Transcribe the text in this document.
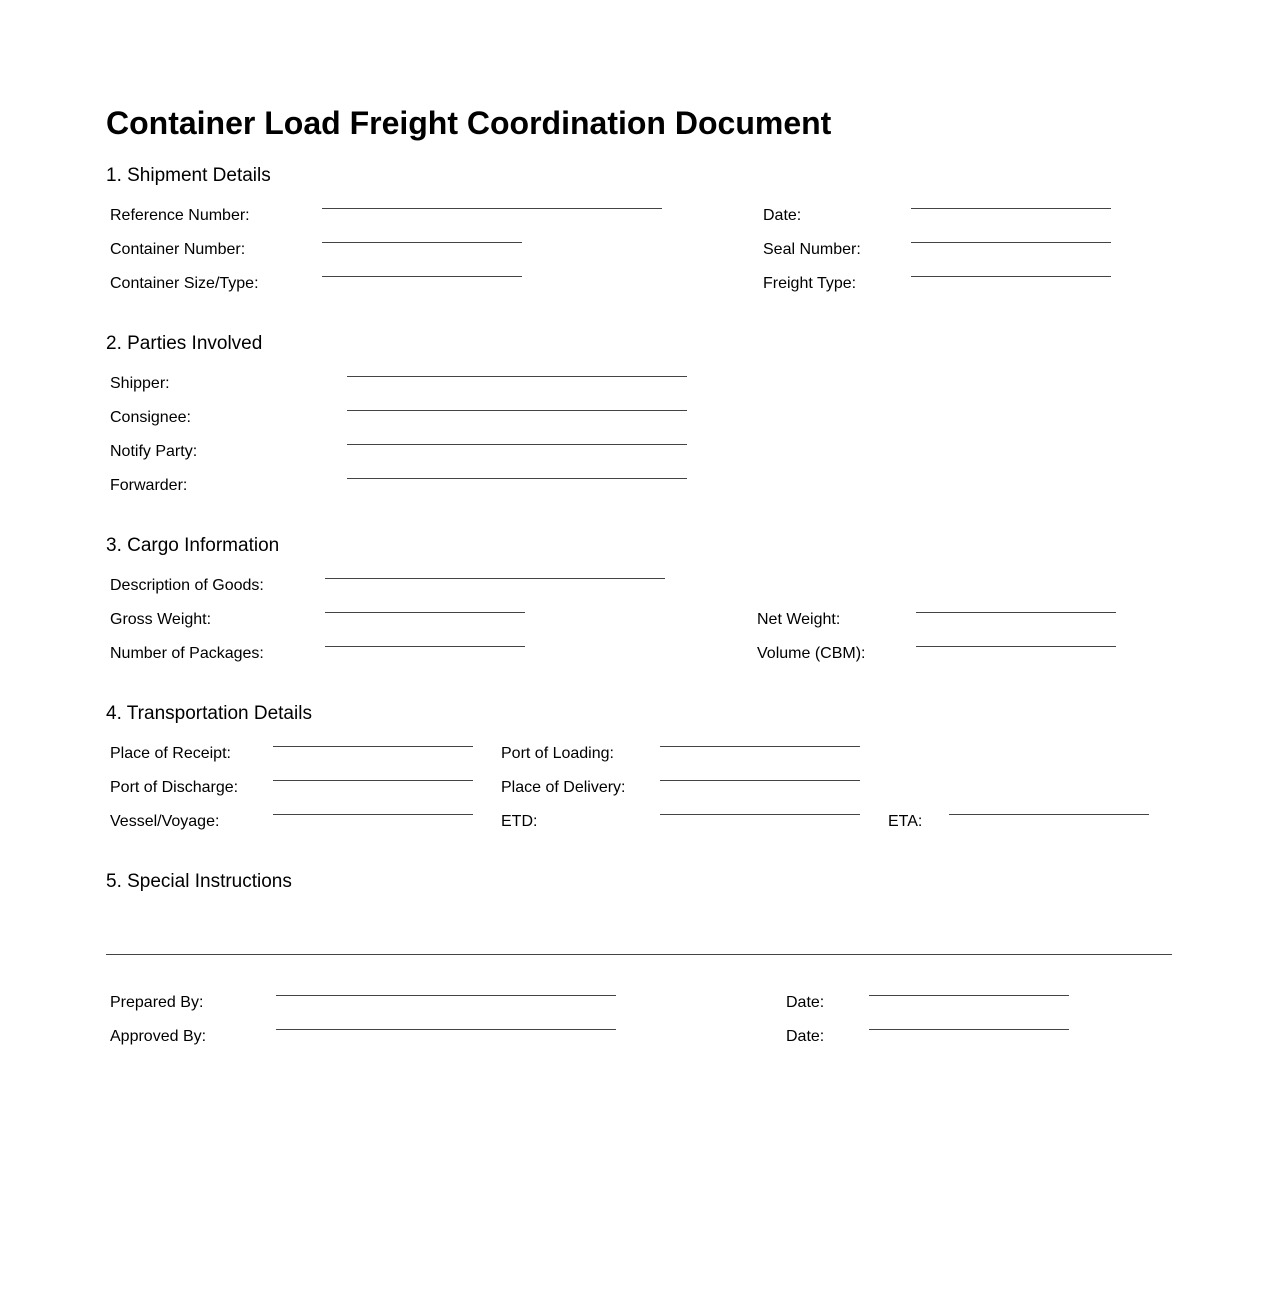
Container Load Freight Coordination Document
1. Shipment Details
Reference Number:	Date:
Container Number:	Seal Number:
Container Size/Type:	Freight Type:
2. Parties Involved
Shipper:
Consignee:
Notify Party:
Forwarder:
3. Cargo Information
Description of Goods:
Gross Weight:	Net Weight:
Number of Packages:	Volume (CBM):
4. Transportation Details
Place of Receipt:	Port of Loading:
Port of Discharge:	Place of Delivery:
Vessel/Voyage:	ETD:	ETA:
5. Special Instructions
Prepared By:	Date:
Approved By:	Date:
